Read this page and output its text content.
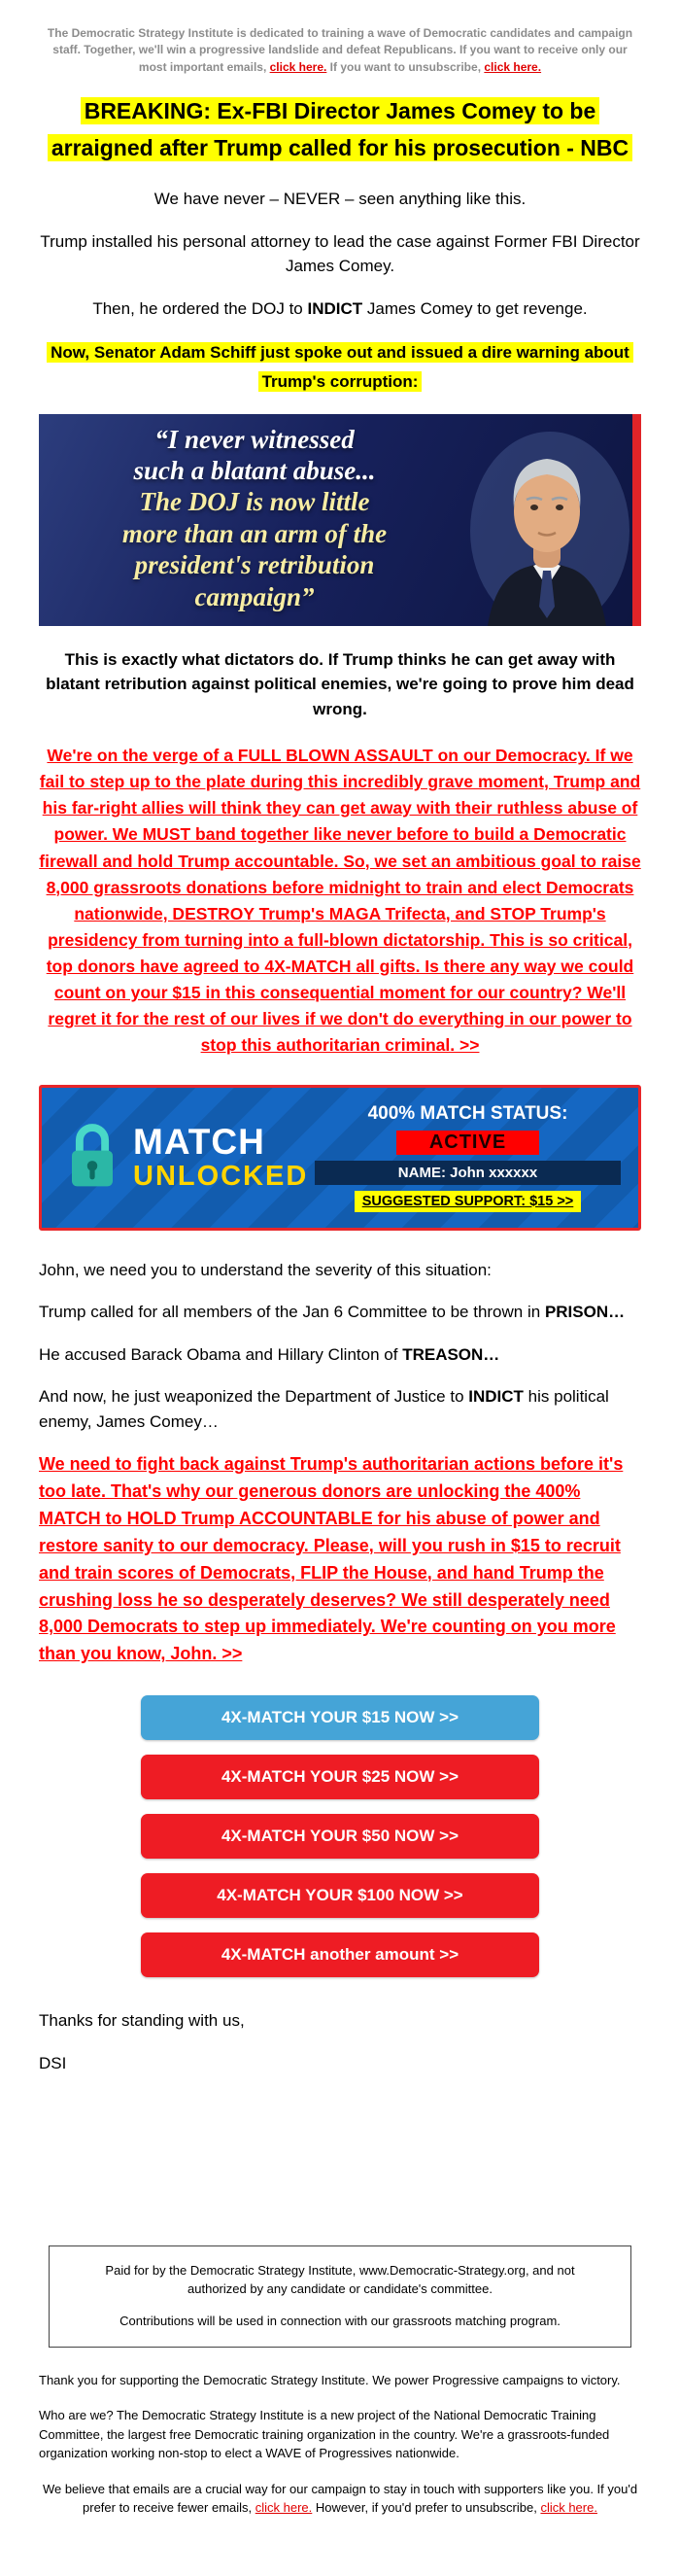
The Democratic Strategy Institute is dedicated to training a wave of Democratic candidates and campaign staff. Together, we'll win a progressive landslide and defeat Republicans. If you want to receive only our most important emails, click here. If you want to unsubscribe, click here.

BREAKING: Ex-FBI Director James Comey to be arraigned after Trump called for his prosecution - NBC

We have never – NEVER – seen anything like this.

Trump installed his personal attorney to lead the case against Former FBI Director James Comey.

Then, he ordered the DOJ to INDICT James Comey to get revenge.

Now, Senator Adam Schiff just spoke out and issued a dire warning about Trump's corruption:

“I never witnessed
such a blatant abuse...
The DOJ is now little
more than an arm of the
president's retribution
campaign”

This is exactly what dictators do. If Trump thinks he can get away with blatant retribution against political enemies, we're going to prove him dead wrong.

We're on the verge of a FULL BLOWN ASSAULT on our Democracy. If we fail to step up to the plate during this incredibly grave moment, Trump and his far-right allies will think they can get away with their ruthless abuse of power. We MUST band together like never before to build a Democratic firewall and hold Trump accountable. So, we set an ambitious goal to raise 8,000 grassroots donations before midnight to train and elect Democrats nationwide, DESTROY Trump's MAGA Trifecta, and STOP Trump's presidency from turning into a full-blown dictatorship. This is so critical, top donors have agreed to 4X-MATCH all gifts. Is there any way we could count on your $15 in this consequential moment for our country? We'll regret it for the rest of our lives if we don't do everything in our power to stop this authoritarian criminal. >>
MATCH
UNLOCKED
400% MATCH STATUS:
ACTIVE
NAME: John xxxxxx
SUGGESTED SUPPORT: $15 >>

John, we need you to understand the severity of this situation:

Trump called for all members of the Jan 6 Committee to be thrown in PRISON…

He accused Barack Obama and Hillary Clinton of TREASON…

And now, he just weaponized the Department of Justice to INDICT his political enemy, James Comey…

We need to fight back against Trump's authoritarian actions before it's too late. That's why our generous donors are unlocking the 400% MATCH to HOLD Trump ACCOUNTABLE for his abuse of power and restore sanity to our democracy. Please, will you rush in $15 to recruit and train scores of Democrats, FLIP the House, and hand Trump the crushing loss he so desperately deserves? We still desperately need 8,000 Democrats to step up immediately. We're counting on you more than you know, John. >>
4X-MATCH YOUR $15 NOW >>
4X-MATCH YOUR $25 NOW >>
4X-MATCH YOUR $50 NOW >>
4X-MATCH YOUR $100 NOW >>
4X-MATCH another amount >>

Thanks for standing with us,

DSI

Paid for by the Democratic Strategy Institute, www.Democratic-Strategy.org, and not authorized by any candidate or candidate's committee.

Contributions will be used in connection with our grassroots matching program.

Thank you for supporting the Democratic Strategy Institute. We power Progressive campaigns to victory.

Who are we? The Democratic Strategy Institute is a new project of the National Democratic Training Committee, the largest free Democratic training organization in the country. We're a grassroots-funded organization working non-stop to elect a WAVE of Progressives nationwide.

We believe that emails are a crucial way for our campaign to stay in touch with supporters like you. If you'd prefer to receive fewer emails, click here. However, if you'd prefer to unsubscribe, click here.
